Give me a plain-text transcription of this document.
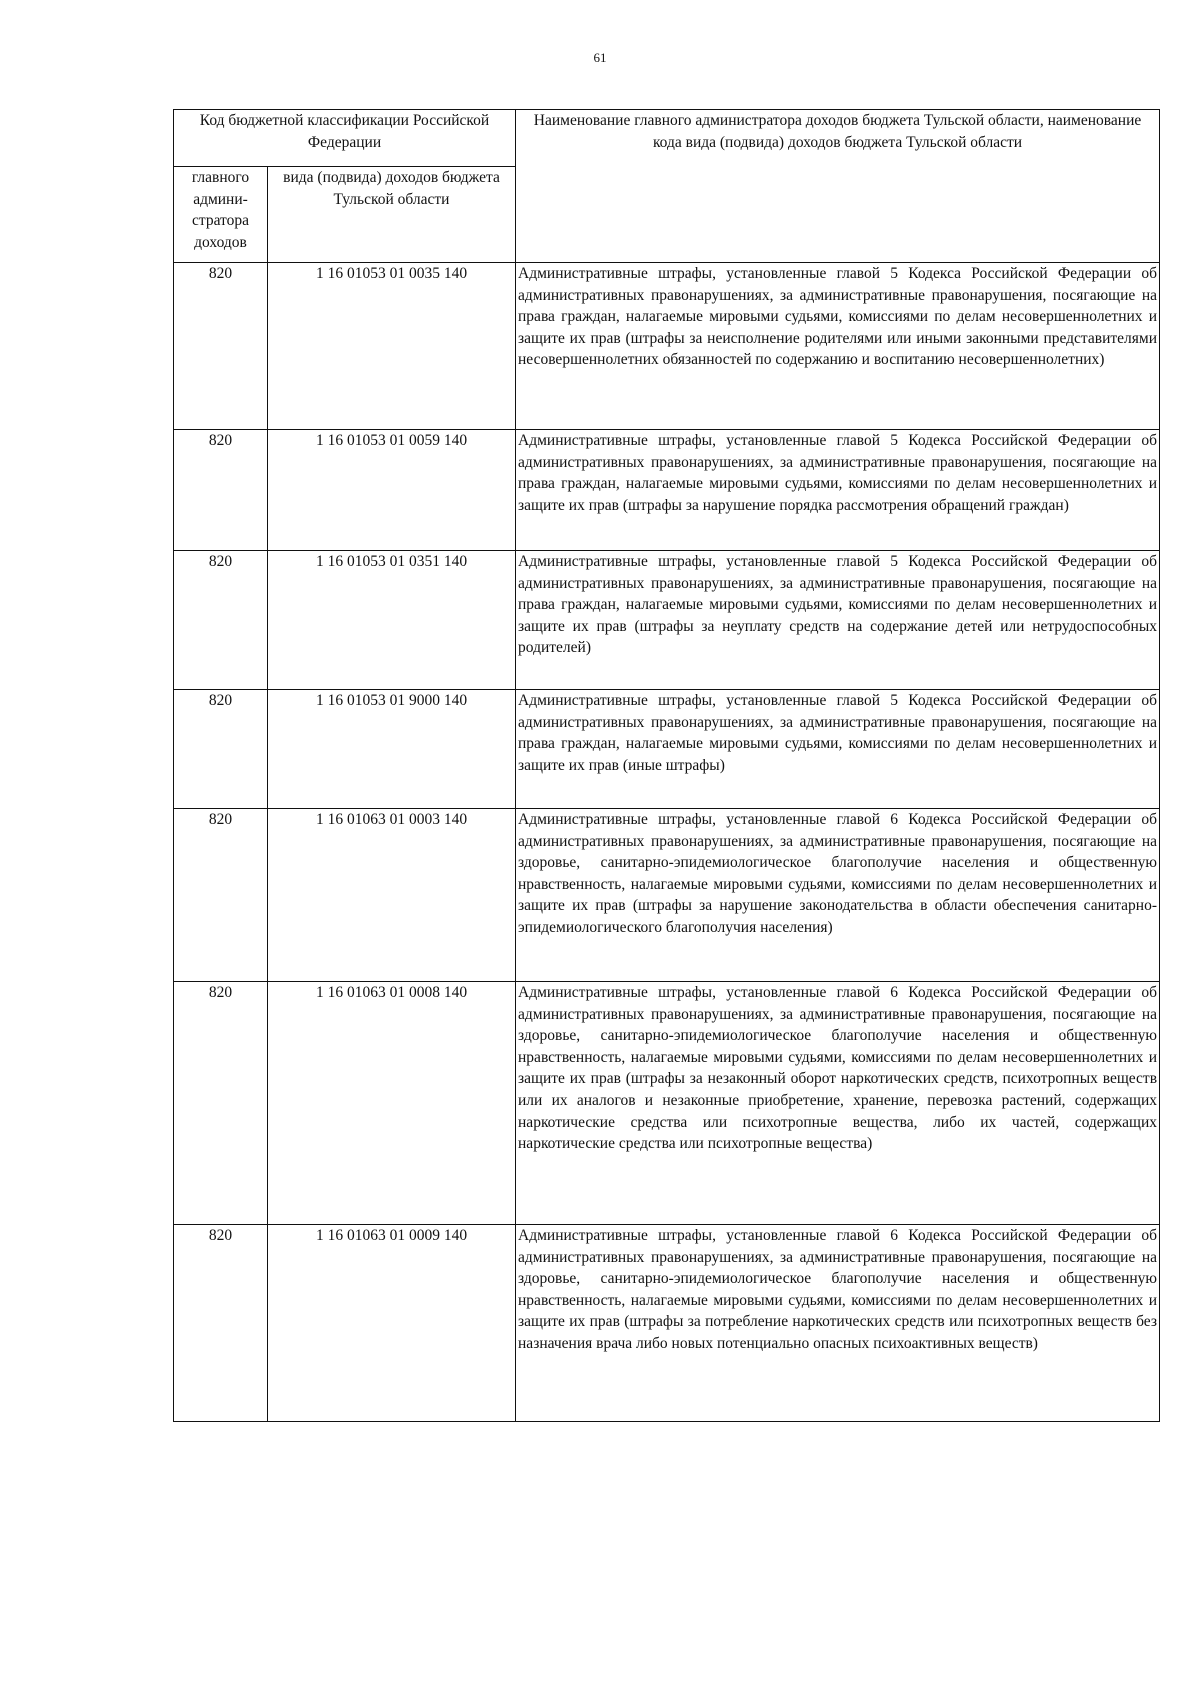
61
Код бюджетной классификации Российской Федерации		Наименование главного администратора доходов бюджета Тульской области, наименование кода вида (подвида) доходов бюджета Тульской области
главного админи-стратора доходов	вида (подвида) доходов бюджета Тульской области	
820	1 16 01053 01 0035 140	Административные штрафы, установленные главой 5 Кодекса Российской Федерации об административных правонарушениях, за административные правонарушения, посягающие на права граждан, налагаемые мировыми судьями, комиссиями по делам несовершеннолетних и защите их прав (штрафы за неисполнение родителями или иными законными представителями несовершеннолетних обязанностей по содержанию и воспитанию несовершеннолетних)
820	1 16 01053 01 0059 140	Административные штрафы, установленные главой 5 Кодекса Российской Федерации об административных правонарушениях, за административные правонарушения, посягающие на права граждан, налагаемые мировыми судьями, комиссиями по делам несовершеннолетних и защите их прав (штрафы за нарушение порядка рассмотрения обращений граждан)
820	1 16 01053 01 0351 140	Административные штрафы, установленные главой 5 Кодекса Российской Федерации об административных правонарушениях, за административные правонарушения, посягающие на права граждан, налагаемые мировыми судьями, комиссиями по делам несовершеннолетних и защите их прав (штрафы за неуплату средств на содержание детей или нетрудоспособных родителей)
820	1 16 01053 01 9000 140	Административные штрафы, установленные главой 5 Кодекса Российской Федерации об административных правонарушениях, за административные правонарушения, посягающие на права граждан, налагаемые мировыми судьями, комиссиями по делам несовершеннолетних и защите их прав (иные штрафы)
820	1 16 01063 01 0003 140	Административные штрафы, установленные главой 6 Кодекса Российской Федерации об административных правонарушениях, за административные правонарушения, посягающие на здоровье, санитарно-эпидемиологическое благополучие населения и общественную нравственность, налагаемые мировыми судьями, комиссиями по делам несовершеннолетних и защите их прав (штрафы за нарушение законодательства в области обеспечения санитарно-эпидемиологического благополучия населения)
820	1 16 01063 01 0008 140	Административные штрафы, установленные главой 6 Кодекса Российской Федерации об административных правонарушениях, за административные правонарушения, посягающие на здоровье, санитарно-эпидемиологическое благополучие населения и общественную нравственность, налагаемые мировыми судьями, комиссиями по делам несовершеннолетних и защите их прав (штрафы за незаконный оборот наркотических средств, психотропных веществ или их аналогов и незаконные приобретение, хранение, перевозка растений, содержащих наркотические средства или психотропные вещества, либо их частей, содержащих наркотические средства или психотропные вещества)
820	1 16 01063 01 0009 140	Административные штрафы, установленные главой 6 Кодекса Российской Федерации об административных правонарушениях, за административные правонарушения, посягающие на здоровье, санитарно-эпидемиологическое благополучие населения и общественную нравственность, налагаемые мировыми судьями, комиссиями по делам несовершеннолетних и защите их прав (штрафы за потребление наркотических средств или психотропных веществ без назначения врача либо новых потенциально опасных психоактивных веществ)
